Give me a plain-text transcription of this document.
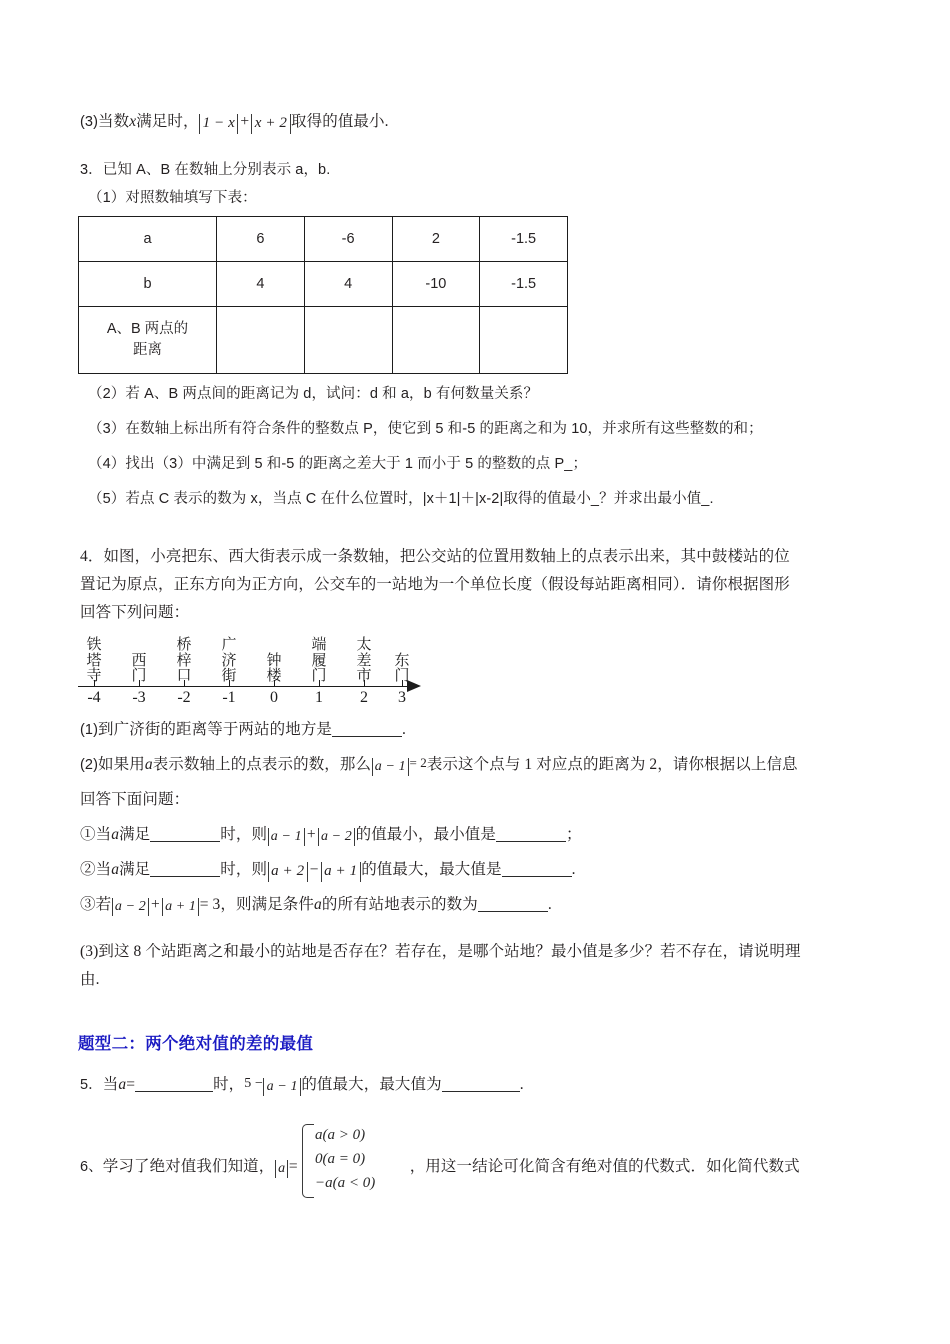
(3)当数x满足时， 1 − x + x + 2 取得的值最小.
3．已知 A、B 在数轴上分别表示 a，b.
（1）对照数轴填写下表：
a	6	-6	2	-1.5
b	4	4	-10	-1.5
A、B 两点的距离				
（2）若 A、B 两点间的距离记为 d，试问：d 和 a，b 有何数量关系？
（3）在数轴上标出所有符合条件的整数点 P，使它到 5 和-5 的距离之和为 10，并求所有这些整数的和；
（4）找出（3）中满足到 5 和-5 的距离之差大于 1 而小于 5 的整数的点 P_；
（5）若点 C 表示的数为 x，当点 C 在什么位置时，|x＋1|＋|x-2|取得的值最小_？并求出最小值_.
4．如图，小亮把东、西大街表示成一条数轴，把公交站的位置用数轴上的点表示出来，其中鼓楼站的位
置记为原点，正东方向为正方向，公交车的一站地为一个单位长度（假设每站距离相同）．请你根据图形
回答下列问题：
-4 -3 -2 -1 0 1 2 3
铁
塔
寺
西
门
桥
梓
口
广
济
街
钟
楼
端
履
门
太
差
市
东
门
(1)到广济街的距离等于两站的地方是	.
(2)如果用a表示数轴上的点表示的数，那么 a − 1 = 2表示这个点与 1 对应点的距离为 2，请你根据以上信息
回答下面问题：
①当a满足	时，则 a − 1 + a − 2 的值最小，最小值是	；
②当a满足	时，则 a + 2 − a + 1 的值最大，最大值是	.
③若 a − 2 + a + 1 = 3，则满足条件a的所有站地表示的数为	.
(3)到这 8 个站距离之和最小的站地是否存在？若存在，是哪个站地？最小值是多少？若不存在，请说明理
由.
题型二：两个绝对值的差的最值
5．当a=	时，5 − a − 1 的值最大，最大值为	.
6、学习了绝对值我们知道， a =	，用这一结论可化简含有绝对值的代数式．如化简代数式
a(a > 0)
0(a = 0)
−a(a < 0)
